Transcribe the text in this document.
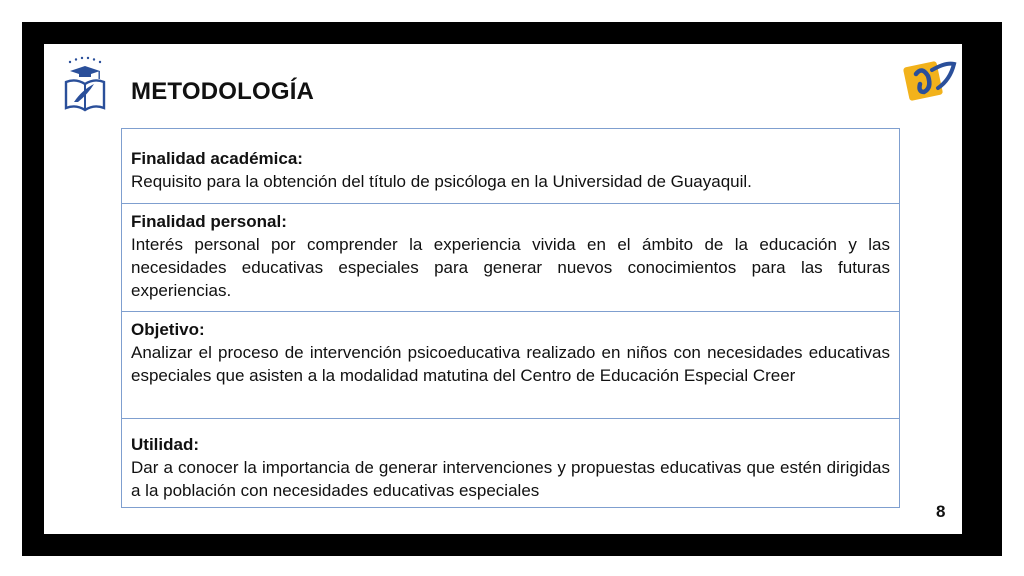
METODOLOGÍA
Finalidad académica:
Requisito para la obtención del título de psicóloga en la Universidad de Guayaquil.
Finalidad personal:
Interés personal por comprender la experiencia vivida en el ámbito de la educación y las necesidades educativas especiales para generar nuevos conocimientos para las futuras experiencias.
Objetivo:
Analizar el proceso de intervención psicoeducativa realizado en niños con necesidades educativas especiales que asisten a la modalidad matutina del Centro de Educación Especial Creer
Utilidad:
Dar a conocer la importancia de generar intervenciones y propuestas educativas que estén dirigidas a la población con necesidades educativas especiales
8
